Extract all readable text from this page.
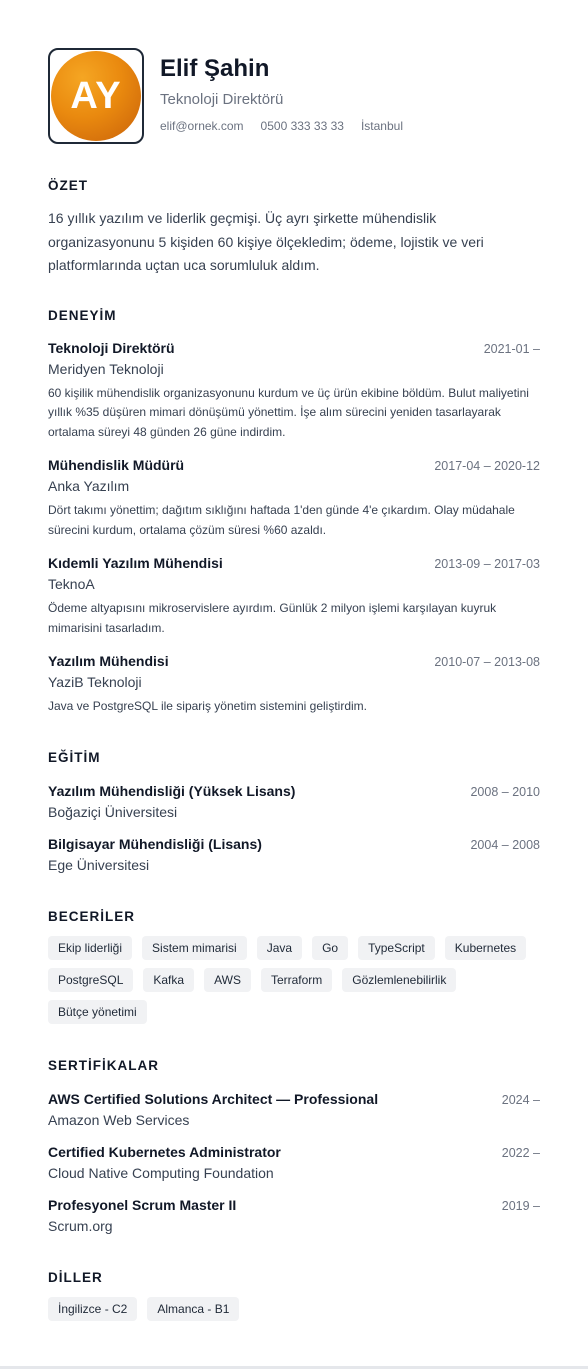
AY
Elif Şahin
Teknoloji Direktörü
elif@ornek.com 0500 333 33 33 İstanbul
ÖZET
16 yıllık yazılım ve liderlik geçmişi. Üç ayrı şirkette mühendislik organizasyonunu 5 kişiden 60 kişiye ölçekledim; ödeme, lojistik ve veri platformlarında uçtan uca sorumluluk aldım.
DENEYİM
Teknoloji Direktörü	2021-01 –
Meridyen Teknoloji
60 kişilik mühendislik organizasyonunu kurdum ve üç ürün ekibine böldüm. Bulut maliyetini yıllık %35 düşüren mimari dönüşümü yönettim. İşe alım sürecini yeniden tasarlayarak ortalama süreyi 48 günden 26 güne indirdim.
Mühendislik Müdürü	2017-04 – 2020-12
Anka Yazılım
Dört takımı yönettim; dağıtım sıklığını haftada 1'den günde 4'e çıkardım. Olay müdahale sürecini kurdum, ortalama çözüm süresi %60 azaldı.
Kıdemli Yazılım Mühendisi	2013-09 – 2017-03
TeknoA
Ödeme altyapısını mikroservislere ayırdım. Günlük 2 milyon işlemi karşılayan kuyruk mimarisini tasarladım.
Yazılım Mühendisi	2010-07 – 2013-08
YaziB Teknoloji
Java ve PostgreSQL ile sipariş yönetim sistemini geliştirdim.
EĞİTİM
Yazılım Mühendisliği (Yüksek Lisans)	2008 – 2010
Boğaziçi Üniversitesi
Bilgisayar Mühendisliği (Lisans)	2004 – 2008
Ege Üniversitesi
BECERİLER
Ekip liderliği	Sistem mimarisi	Java	Go	TypeScript	Kubernetes
PostgreSQL	Kafka	AWS	Terraform	Gözlemlenebilirlik
Bütçe yönetimi
SERTİFİKALAR
AWS Certified Solutions Architect — Professional	2024 –
Amazon Web Services
Certified Kubernetes Administrator	2022 –
Cloud Native Computing Foundation
Profesyonel Scrum Master II	2019 –
Scrum.org
DİLLER
İngilizce - C2	Almanca - B1
